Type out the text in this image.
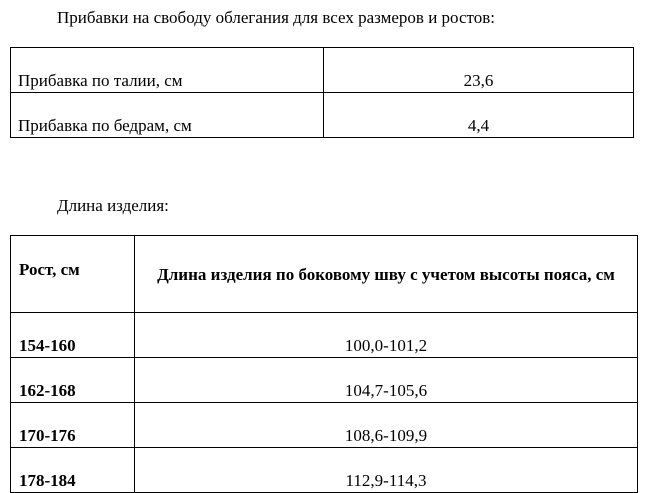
Прибавки на свободу облегания для всех размеров и ростов:
Прибавка по талии, см	23,6
Прибавка по бедрам, см	4,4
Длина изделия:
Рост, см	Длина изделия по боковому шву с учетом высоты пояса, см
154-160	100,0-101,2
162-168	104,7-105,6
170-176	108,6-109,9
178-184	112,9-114,3
